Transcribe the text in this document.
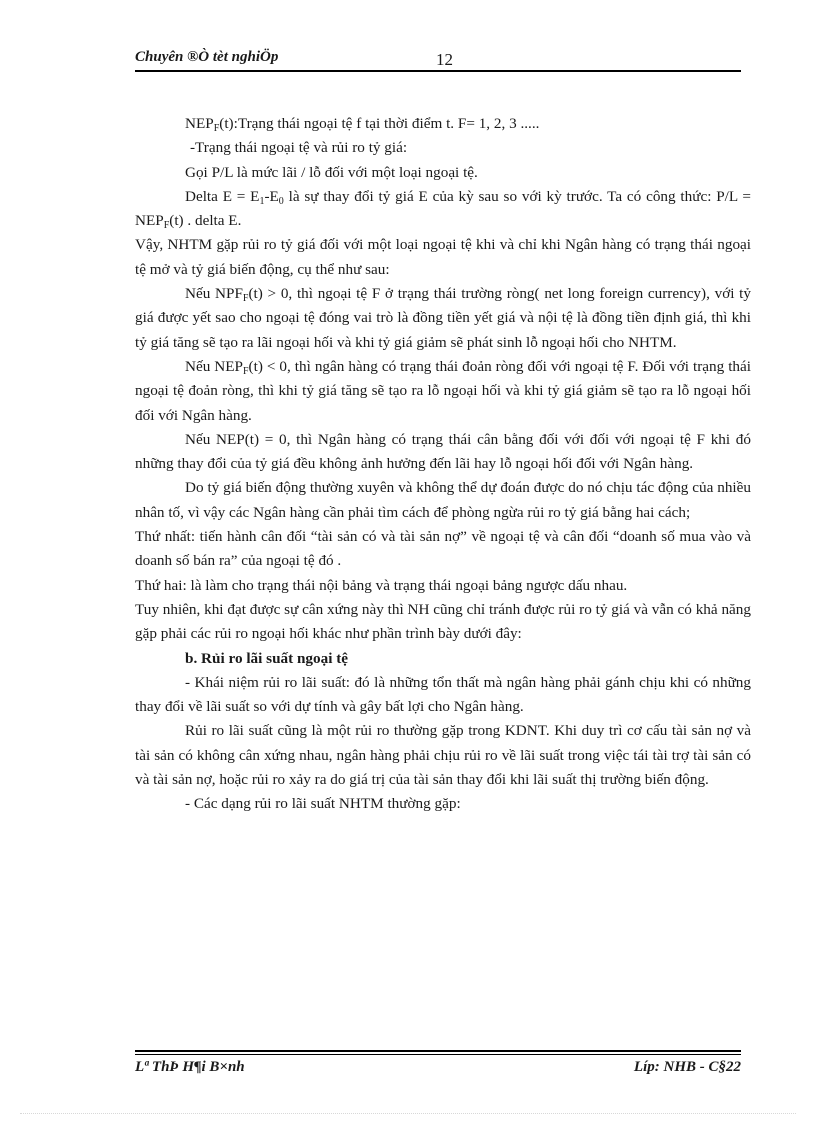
Chuyên ®Ò tèt nghiÖp	12

$NEP_F(t):Trạng$ thái ngoại tệ f tại thời điểm t. F= 1, 2, 3 .....

-Trạng thái ngoại tệ và rủi ro tỷ giá:

Gọi P/L là mức lãi / lỗ đối với một loại ngoại tệ.

Delta $E = E_1-E_0$ là sự thay đổi tỷ giá E của kỳ sau so với kỳ trước. Ta có công thức: $P/L = NEP_F(t)$ . delta E.

Vậy, NHTM gặp rủi ro tỷ giá đối với một loại ngoại tệ khi và chỉ khi Ngân hàng có trạng thái ngoại tệ mở và tỷ giá biến động, cụ thể như sau:

Nếu $NPF_F(t) > 0$, thì ngoại tệ F ở trạng thái trường ròng( net long foreign currency), với tỷ giá được yết sao cho ngoại tệ đóng vai trò là đồng tiền yết giá và nội tệ là đồng tiền định giá, thì khi tỷ giá tăng sẽ tạo ra lãi ngoại hối và khi tỷ giá giảm sẽ phát sinh lỗ ngoại hối cho NHTM.

Nếu $NEP_F(t) < 0$, thì ngân hàng có trạng thái đoản ròng đối với ngoại tệ F. Đối với trạng thái ngoại tệ đoản ròng, thì khi tỷ giá tăng sẽ tạo ra lỗ ngoại hối và khi tỷ giá giảm sẽ tạo ra lỗ ngoại hối đối với Ngân hàng.

Nếu NEP(t) = 0, thì Ngân hàng có trạng thái cân bằng đối với đối với ngoại tệ F khi đó những thay đổi của tỷ giá đều không ảnh hưởng đến lãi hay lỗ ngoại hối đối với Ngân hàng.

Do tỷ giá biến động thường xuyên và không thể dự đoán được do nó chịu tác động của nhiều nhân tố, vì vậy các Ngân hàng cần phải tìm cách để phòng ngừa rủi ro tỷ giá bằng hai cách;

Thứ nhất: tiến hành cân đối “tài sản có và tài sản nợ” về ngoại tệ và cân đối “doanh số mua vào và doanh số bán ra” của ngoại tệ đó .

Thứ hai: là làm cho trạng thái nội bảng và trạng thái ngoại bảng ngược dấu nhau.

Tuy nhiên, khi đạt được sự cân xứng này thì NH cũng chỉ tránh được rủi ro tỷ giá và vẫn có khả năng gặp phải các rủi ro ngoại hối khác như phần trình bày dưới đây:

b. Rủi ro lãi suất ngoại tệ

- Khái niệm rủi ro lãi suất: đó là những tổn thất mà ngân hàng phải gánh chịu khi có những thay đổi về lãi suất so với dự tính và gây bất lợi cho Ngân hàng.

Rủi ro lãi suất cũng là một rủi ro thường gặp trong KDNT. Khi duy trì cơ cấu tài sản nợ và tài sản có không cân xứng nhau, ngân hàng phải chịu rủi ro về lãi suất trong việc tái tài trợ tài sản có và tài sản nợ, hoặc rủi ro xảy ra do giá trị của tài sản thay đổi khi lãi suất thị trường biến động.

- Các dạng rủi ro lãi suất NHTM thường gặp:

Lª ThÞ H¶i B×nh	Líp: NHB - C§22
